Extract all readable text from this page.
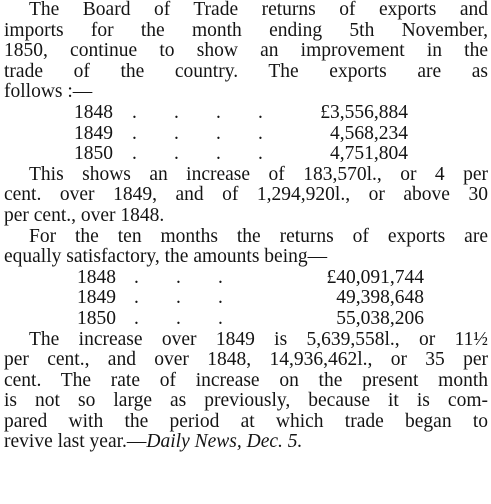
The Board of Trade returns of exports and
imports for the month ending 5th November,
1850, continue to show an improvement in the
trade of the country. The exports are as
follows :—
1848 . . . .	£3,556,884
1849 . . . .	4,568,234
1850 . . . .	4,751,804
This shows an increase of 183,570l., or 4 per
cent. over 1849, and of 1,294,920l., or above 30
per cent., over 1848.
For the ten months the returns of exports are
equally satisfactory, the amounts being—
1848 . . .	£40,091,744
1849 . . .	49,398,648
1850 . . .	55,038,206
The increase over 1849 is 5,639,558l., or 11½
per cent., and over 1848, 14,936,462l., or 35 per
cent. The rate of increase on the present month
is not so large as previously, because it is com-
pared with the period at which trade began to
revive last year.—Daily News, Dec. 5.
